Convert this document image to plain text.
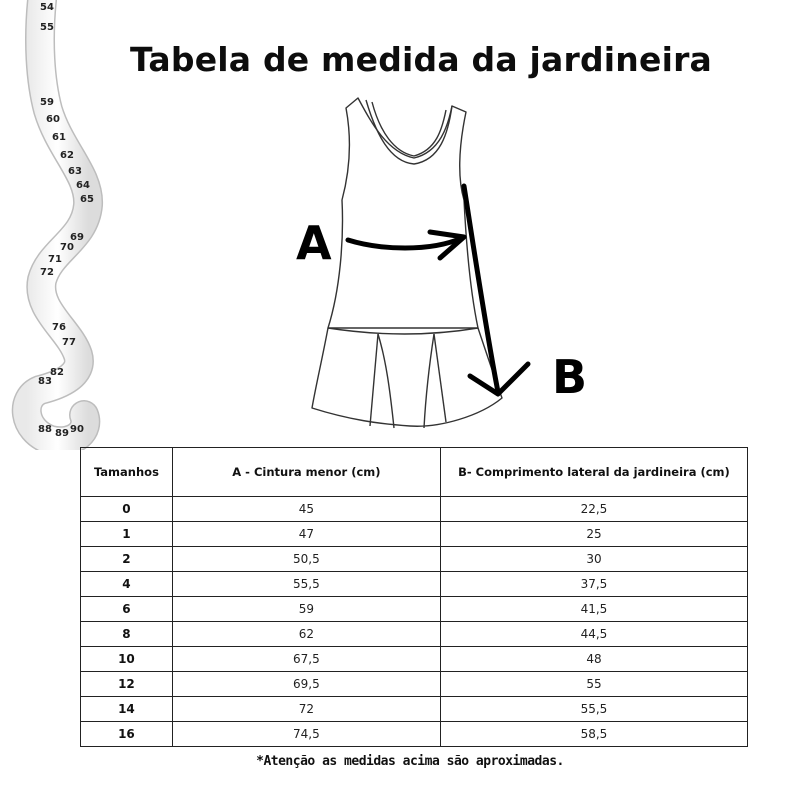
54
55
59
60
61
62
63
64
65
69
70
71
72
76
77
82
83
88 89 90
Tabela de medida da jardineira
A
B
Tamanhos	A - Cintura menor (cm)	B- Comprimento lateral da jardineira (cm)
0	45	22,5
1	47	25
2	50,5	30
4	55,5	37,5
6	59	41,5
8	62	44,5
10	67,5	48
12	69,5	55
14	72	55,5
16	74,5	58,5
*Atenção as medidas acima são aproximadas.
